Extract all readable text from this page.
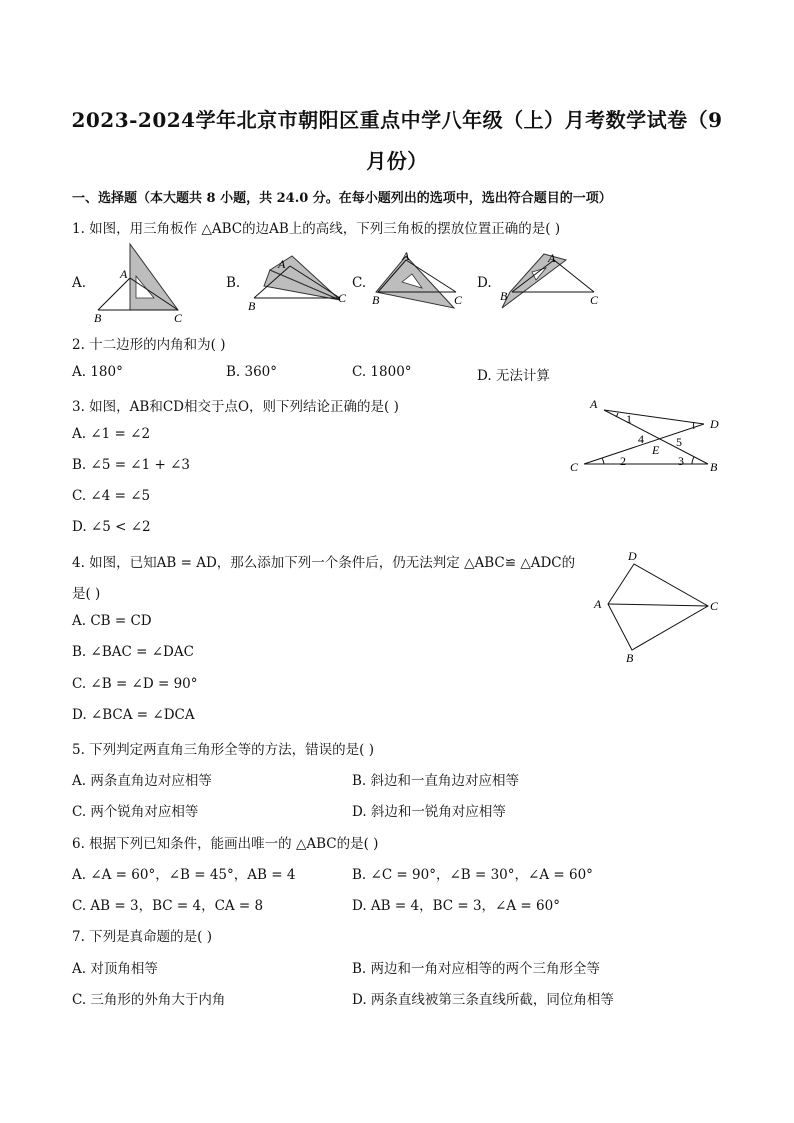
2023-2024学年北京市朝阳区重点中学八年级（上）月考数学试卷（9
月份）
一、选择题（本大题共 8 小题，共 24.0 分。在每小题列出的选项中，选出符合题目的一项）
1. 如图，用三角板作 △ABC的边AB上的高线，下列三角板的摆放位置正确的是( )
A.	B.	C.	D.
A
B	C
A
B
C
A
B	C
A
B	C
2. 十二边形的内角和为( )
A. 180°	B. 360°	C. 1800°	D. 无法计算
3. 如图，AB和CD相交于点O，则下列结论正确的是( )
A. ∠1 = ∠2
B. ∠5 = ∠1 + ∠3
C. ∠4 = ∠5
D. ∠5 < ∠2
A
D
C	B
E
1
2	3
4	5
4. 如图，已知AB = AD，那么添加下列一个条件后，仍无法判定 △ABC≌ △ADC的
是( )
A. CB = CD
B. ∠BAC = ∠DAC
C. ∠B = ∠D = 90°
D. ∠BCA = ∠DCA
D
A	C
B
5. 下列判定两直角三角形全等的方法，错误的是( )
A. 两条直角边对应相等	B. 斜边和一直角边对应相等
C. 两个锐角对应相等	D. 斜边和一锐角对应相等
6. 根据下列已知条件，能画出唯一的 △ABC的是( )
A. ∠A = 60°，∠B = 45°，AB = 4	B. ∠C = 90°，∠B = 30°，∠A = 60°
C. AB = 3，BC = 4，CA = 8	D. AB = 4，BC = 3，∠A = 60°
7. 下列是真命题的是( )
A. 对顶角相等	B. 两边和一角对应相等的两个三角形全等
C. 三角形的外角大于内角	D. 两条直线被第三条直线所截，同位角相等
